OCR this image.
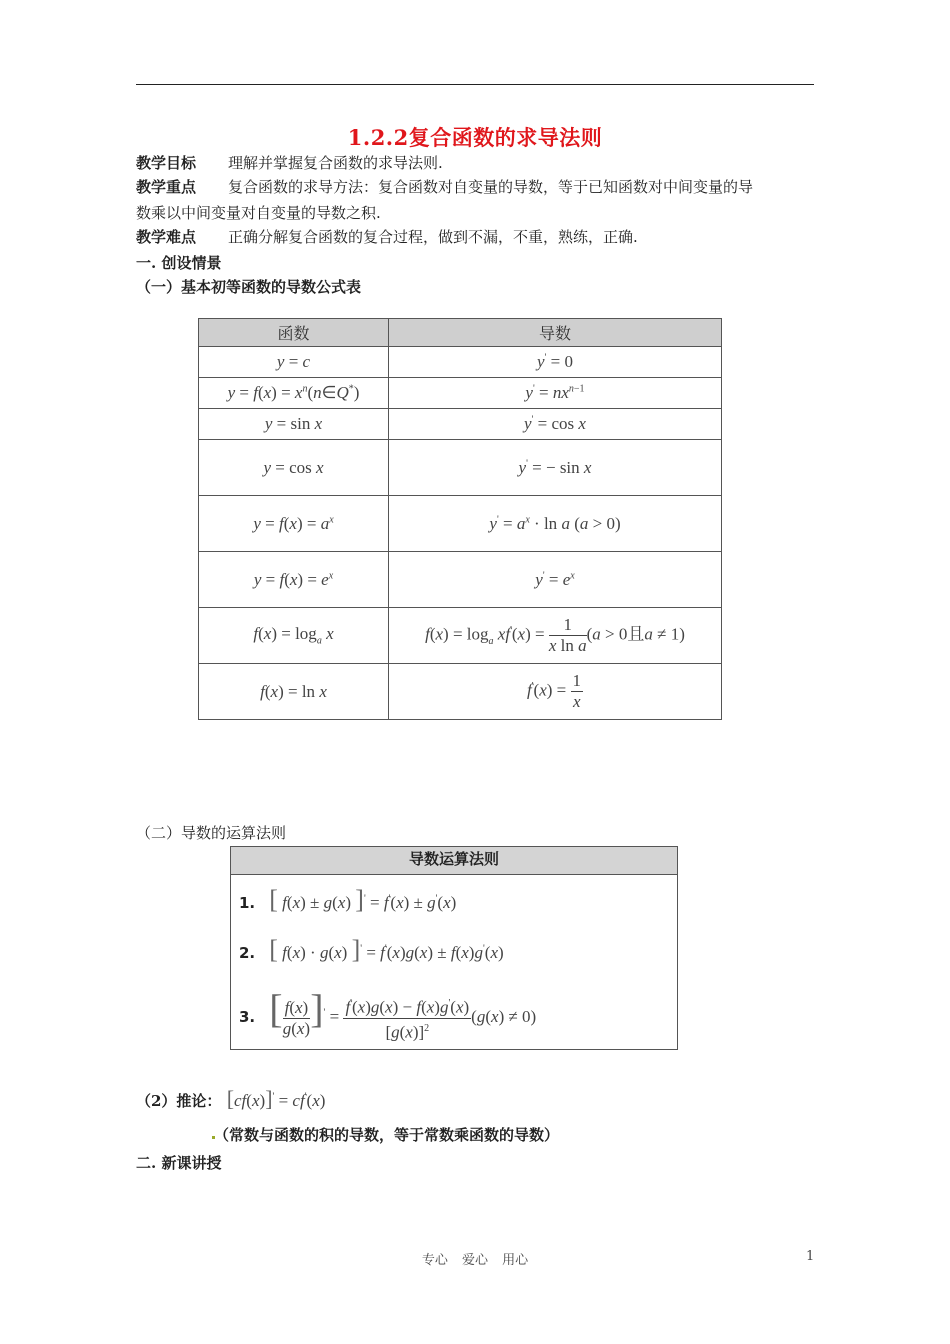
1.2.2复合函数的求导法则
教学目标 理解并掌握复合函数的求导法则.
教学重点 复合函数的求导方法：复合函数对自变量的导数，等于已知函数对中间变量的导
数乘以中间变量对自变量的导数之积.
教学难点 正确分解复合函数的复合过程，做到不漏，不重，熟练，正确.
一. 创设情景
（一）基本初等函数的导数公式表
函数	导数
y = c	y' = 0
$y = f(x) = x^n(n\in Q^*)$	$y' = nx^{n-1}$
y = sin x	y' = cos x
y = cos x	y' = − sin x
$y = f(x) = a^x$	$y' = a^x \cdot \ln a$ (a > 0)
$y = f(x) = e^x$	$y' = e^x$
$f(x) = \log_a x$	$f(x) = \log_a xf'(x) = \frac{1}{\text{x ln a}} (a > 0$且a ≠ 1)
f(x) = ln x	$f'(x) = \frac{1}{x}$
（二）导数的运算法则
导数运算法则
1. [ f(x) ± g(x) ]' = f'(x) ± g'(x)
2. [ f(x) · g(x) ]' = f'(x)g(x) ± f(x)g'(x)
3. [ $\frac{f(x)}{g(x)} ]' = \frac{f'(x)g(x) - f(x)g'(x)}{[g(x)]^2} (g(x) \ne 0)$
（2）推论： [cf(x)]' = cf'(x)
（常数与函数的积的导数，等于常数乘函数的导数）
二. 新课讲授
专心 爱心 用心	1
